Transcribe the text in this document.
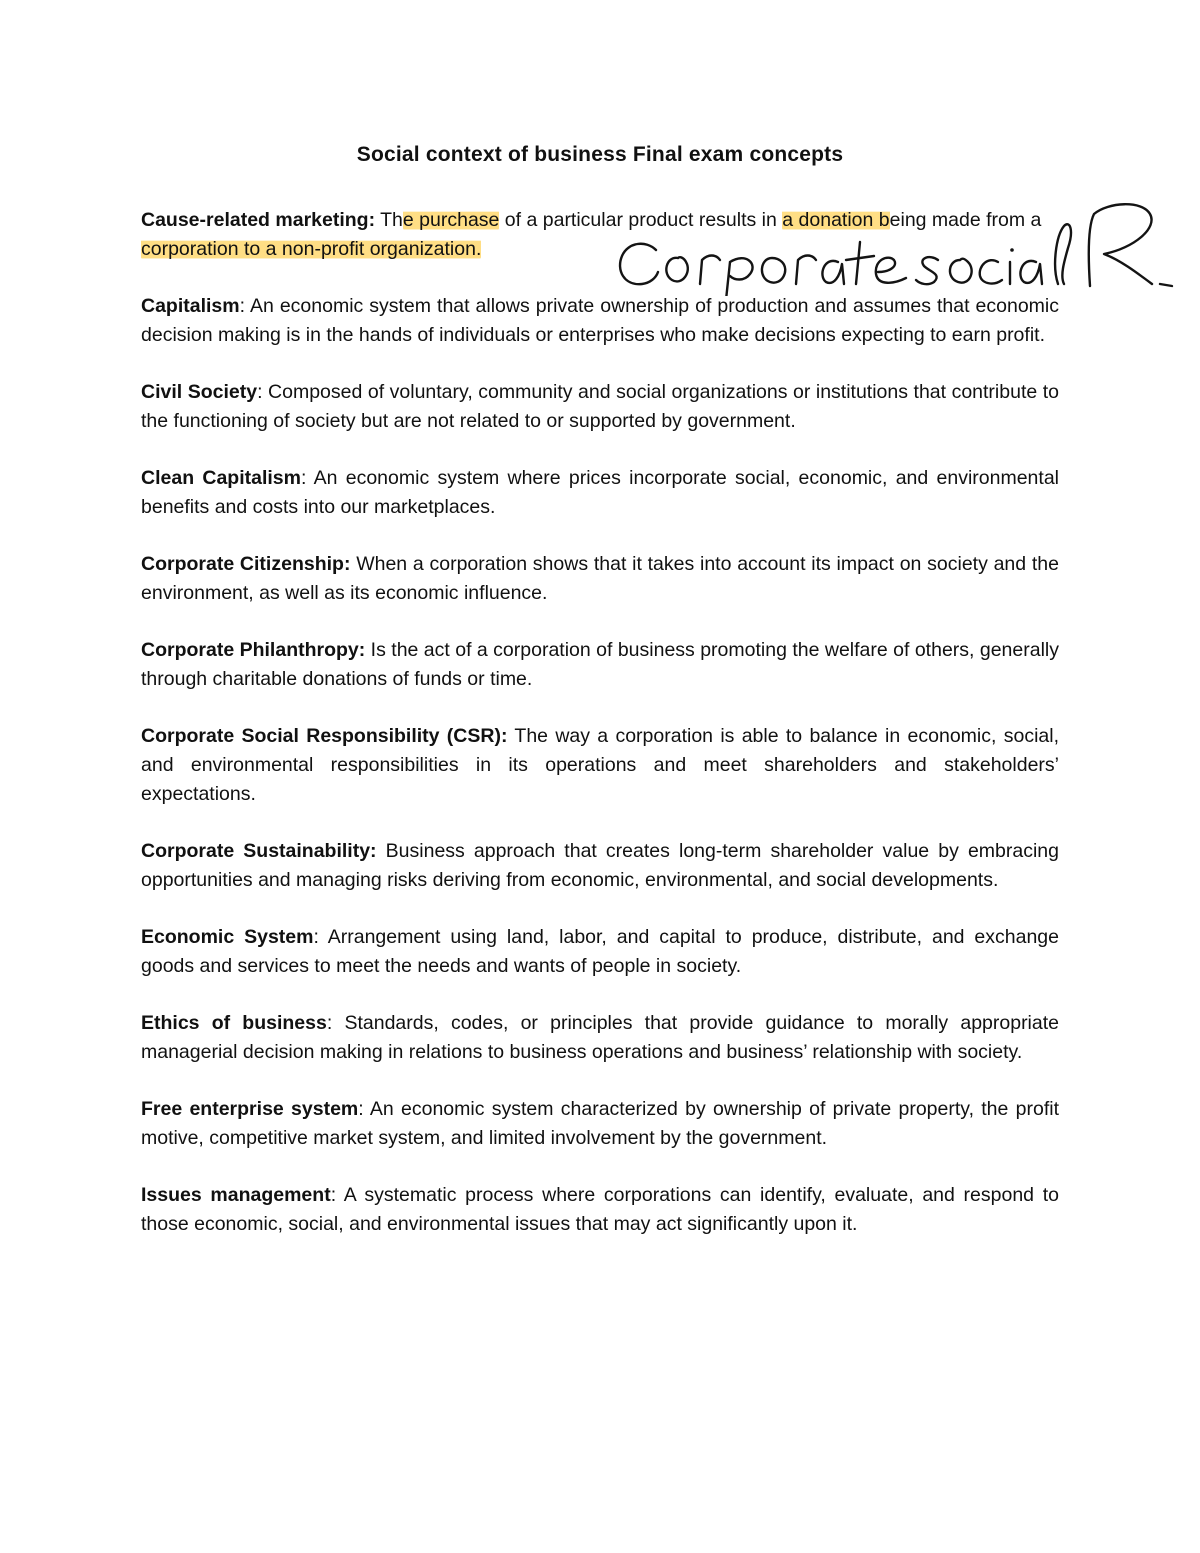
Social context of business Final exam concepts

Cause-related marketing: The purchase of a particular product results in a donation being made from a corporation to a non-profit organization.

Capitalism: An economic system that allows private ownership of production and assumes that economic decision making is in the hands of individuals or enterprises who make decisions expecting to earn profit.

Civil Society: Composed of voluntary, community and social organizations or institutions that contribute to the functioning of society but are not related to or supported by government.

Clean Capitalism: An economic system where prices incorporate social, economic, and environmental benefits and costs into our marketplaces.

Corporate Citizenship: When a corporation shows that it takes into account its impact on society and the environment, as well as its economic influence.

Corporate Philanthropy: Is the act of a corporation of business promoting the welfare of others, generally through charitable donations of funds or time.

Corporate Social Responsibility (CSR): The way a corporation is able to balance in economic, social, and environmental responsibilities in its operations and meet shareholders and stakeholders’ expectations.

Corporate Sustainability: Business approach that creates long-term shareholder value by embracing opportunities and managing risks deriving from economic, environmental, and social developments.

Economic System: Arrangement using land, labor, and capital to produce, distribute, and exchange goods and services to meet the needs and wants of people in society.

Ethics of business: Standards, codes, or principles that provide guidance to morally appropriate managerial decision making in relations to business operations and business’ relationship with society.

Free enterprise system: An economic system characterized by ownership of private property, the profit motive, competitive market system, and limited involvement by the government.

Issues management: A systematic process where corporations can identify, evaluate, and respond to those economic, social, and environmental issues that may act significantly upon it.
